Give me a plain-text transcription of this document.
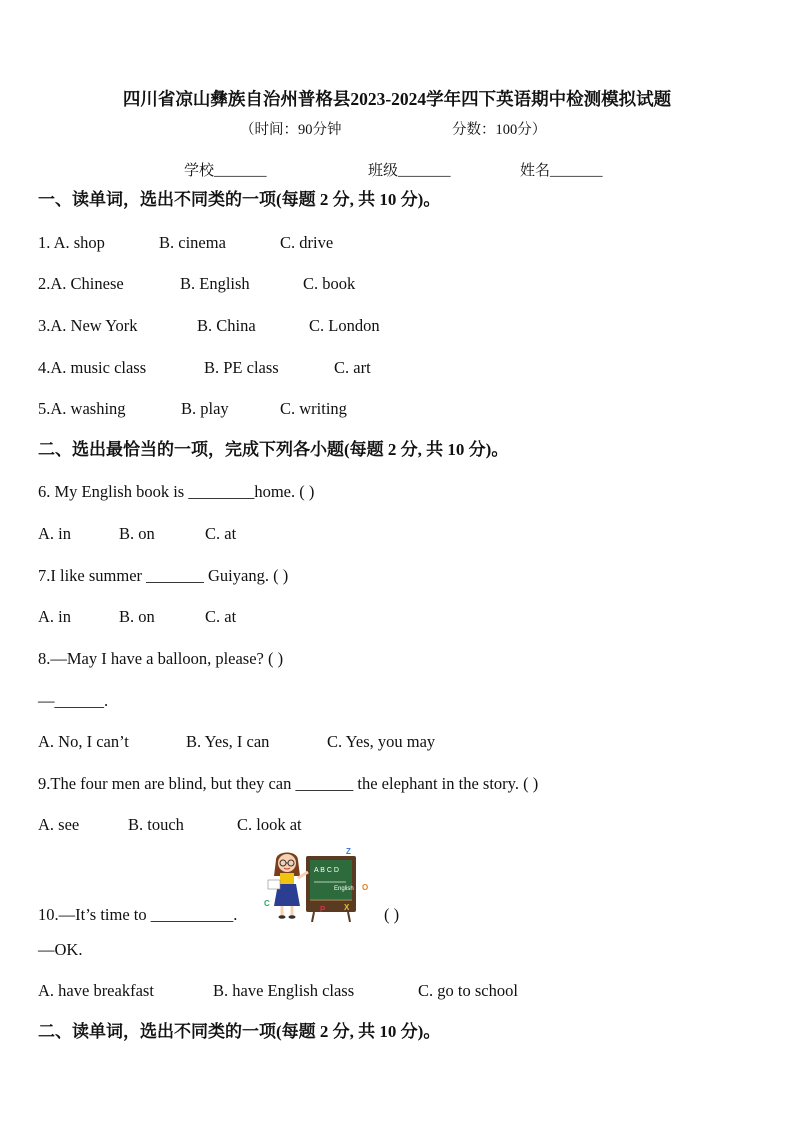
四川省凉山彝族自治州普格县2023-2024学年四下英语期中检测模拟试题
（时间：90分钟	分数：100分）
学校_______	班级_______	姓名_______
一、读单词，选出不同类的一项(每题 2 分, 共 10 分)。
1. A. shop	B. cinema	C. drive
2.A. Chinese	B. English	C. book
3.A. New York	B. China	C. London
4.A. music class	B. PE class	C. art
5.A. washing	B. play	C. writing
二、选出最恰当的一项，完成下列各小题(每题 2 分, 共 10 分)。
6. My English book is ________home. ( )
A. in	B. on	C. at
7.I like summer _______ Guiyang. ( )
A. in	B. on	C. at
8.—May I have a balloon, please? ( )
—______.
A. No, I can’t	B. Yes, I can	C. Yes, you may
9.The four men are blind, but they can _______ the elephant in the story. ( )
A. see	B. touch	C. look at
A B C D
English
Z
O
X
P
C
10.—It’s time to __________.	( )
—OK.
A. have breakfast	B. have English class	C. go to school
二、读单词，选出不同类的一项(每题 2 分, 共 10 分)。
